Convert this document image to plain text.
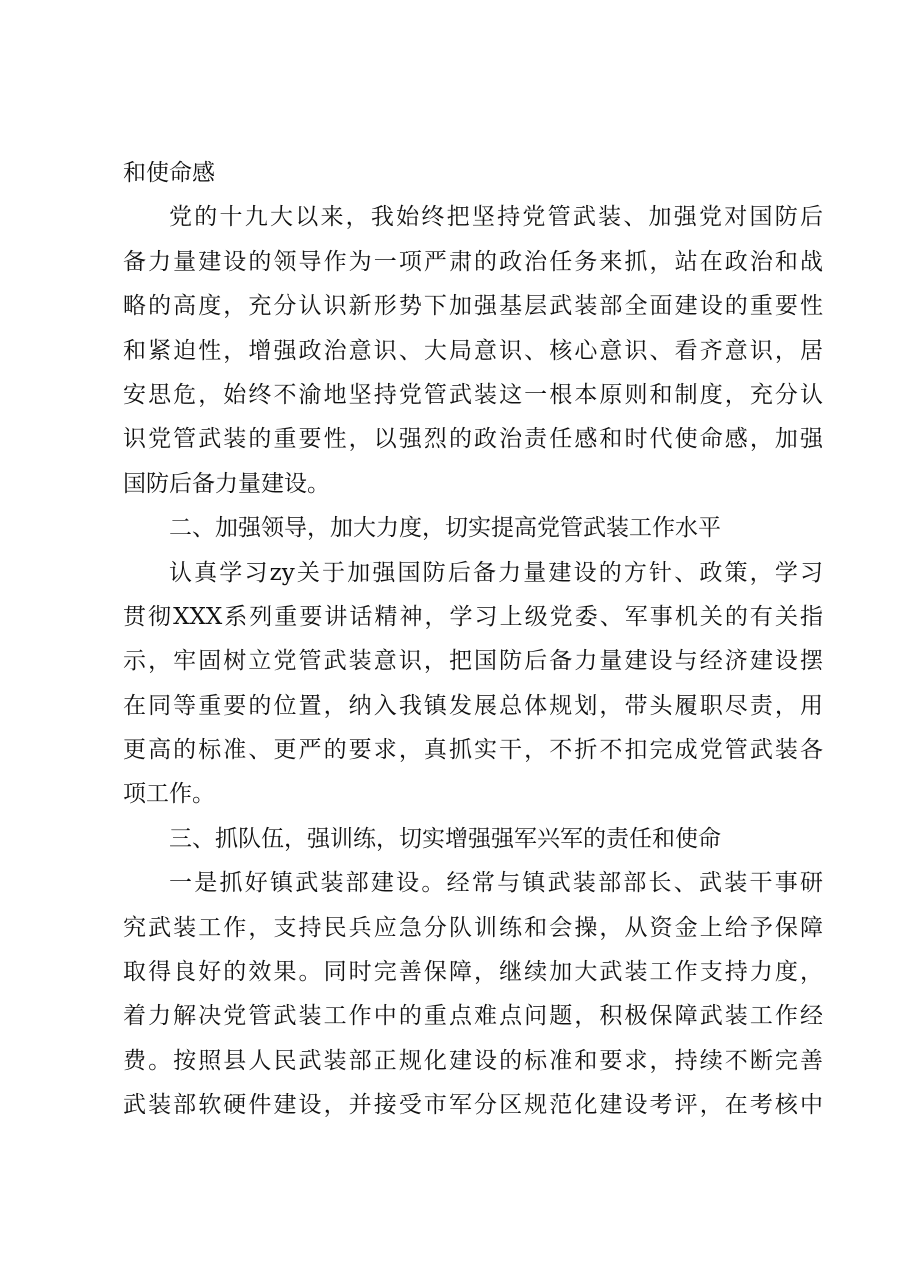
和使命感
党的十九大以来，我始终把坚持党管武装、加强党对国防后
备力量建设的领导作为一项严肃的政治任务来抓，站在政治和战
略的高度，充分认识新形势下加强基层武装部全面建设的重要性
和紧迫性，增强政治意识、大局意识、核心意识、看齐意识，居
安思危，始终不渝地坚持党管武装这一根本原则和制度，充分认
识党管武装的重要性，以强烈的政治责任感和时代使命感，加强
国防后备力量建设。
二、加强领导，加大力度，切实提高党管武装工作水平
认真学习zy关于加强国防后备力量建设的方针、政策，学习
贯彻XXX系列重要讲话精神，学习上级党委、军事机关的有关指
示，牢固树立党管武装意识，把国防后备力量建设与经济建设摆
在同等重要的位置，纳入我镇发展总体规划，带头履职尽责，用
更高的标准、更严的要求，真抓实干，不折不扣完成党管武装各
项工作。
三、抓队伍，强训练，切实增强强军兴军的责任和使命
一是抓好镇武装部建设。经常与镇武装部部长、武装干事研
究武装工作，支持民兵应急分队训练和会操，从资金上给予保障
取得良好的效果。同时完善保障，继续加大武装工作支持力度，
着力解决党管武装工作中的重点难点问题，积极保障武装工作经
费。按照县人民武装部正规化建设的标准和要求，持续不断完善
武装部软硬件建设，并接受市军分区规范化建设考评，在考核中
